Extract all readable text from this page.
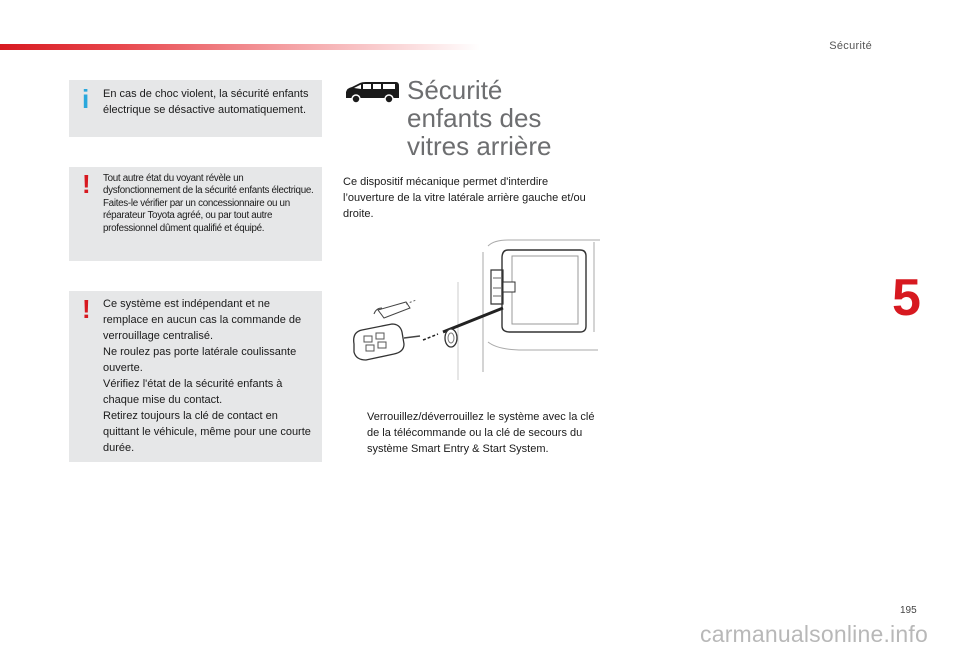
Sécurité
5
i En cas de choc violent, la sécurité enfants électrique se désactive automatiquement.
! Tout autre état du voyant révèle un dysfonctionnement de la sécurité enfants électrique.

Faites-le vérifier par un concessionnaire ou un réparateur Toyota agréé, ou par tout autre professionnel dûment qualifié et équipé.

! Ce système est indépendant et ne remplace en aucun cas la commande de verrouillage centralisé.

Ne roulez pas porte latérale coulissante ouverte.

Vérifiez l'état de la sécurité enfants à chaque mise du contact.

Retirez toujours la clé de contact en quittant le véhicule, même pour une courte durée.

Sécurité
enfants des
vitres arrière
Ce dispositif mécanique permet d'interdire l’ouverture de la vitre latérale arrière gauche et/ou droite.
Verrouillez/déverrouillez le système avec la clé de la télécommande ou la clé de secours du système Smart Entry & Start System.
195
carmanualsonline.info
